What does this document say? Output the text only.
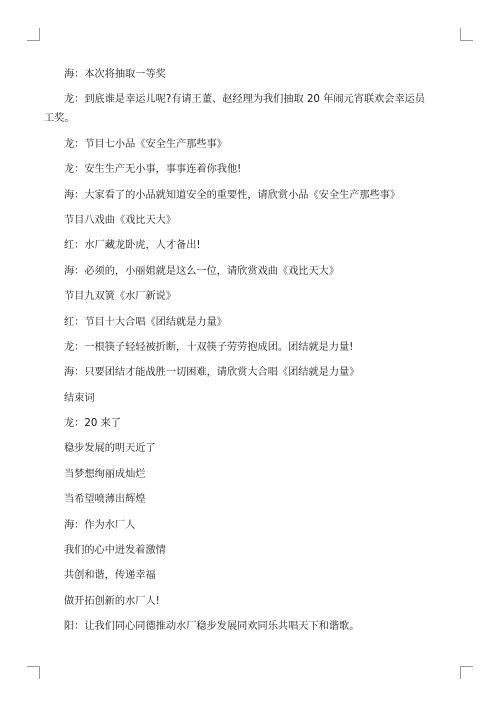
海：本次将抽取一等奖
龙：到底谁是幸运儿呢?有请王董、赵经理为我们抽取 20 年闹元宵联欢会幸运员
工奖。
龙：节目七小品《安全生产那些事》
龙：安生生产无小事，事事连着你我他!
海：大家看了的小品就知道安全的重要性，请欣赏小品《安全生产那些事》
节目八戏曲《戏比天大》
红：水厂藏龙卧虎，人才备出!
海：必须的，小丽姐就是这么一位，请欣赏戏曲《戏比天大》
节目九双簧《水厂新说》
红：节目十大合唱《团结就是力量》
龙：一根筷子轻轻被折断，十双筷子劳劳抱成团。团结就是力量!
海：只要团结才能战胜一切困难，请欣赏大合唱《团结就是力量》
结束词
龙：20 来了
稳步发展的明天近了
当梦想绚丽成灿烂
当希望喷薄出辉煌
海：作为水厂人
我们的心中迸发着激情
共创和谐，传递幸福
做开拓创新的水厂人!
阳：让我们同心同德推动水厂稳步发展同欢同乐共唱天下和谐歌。
